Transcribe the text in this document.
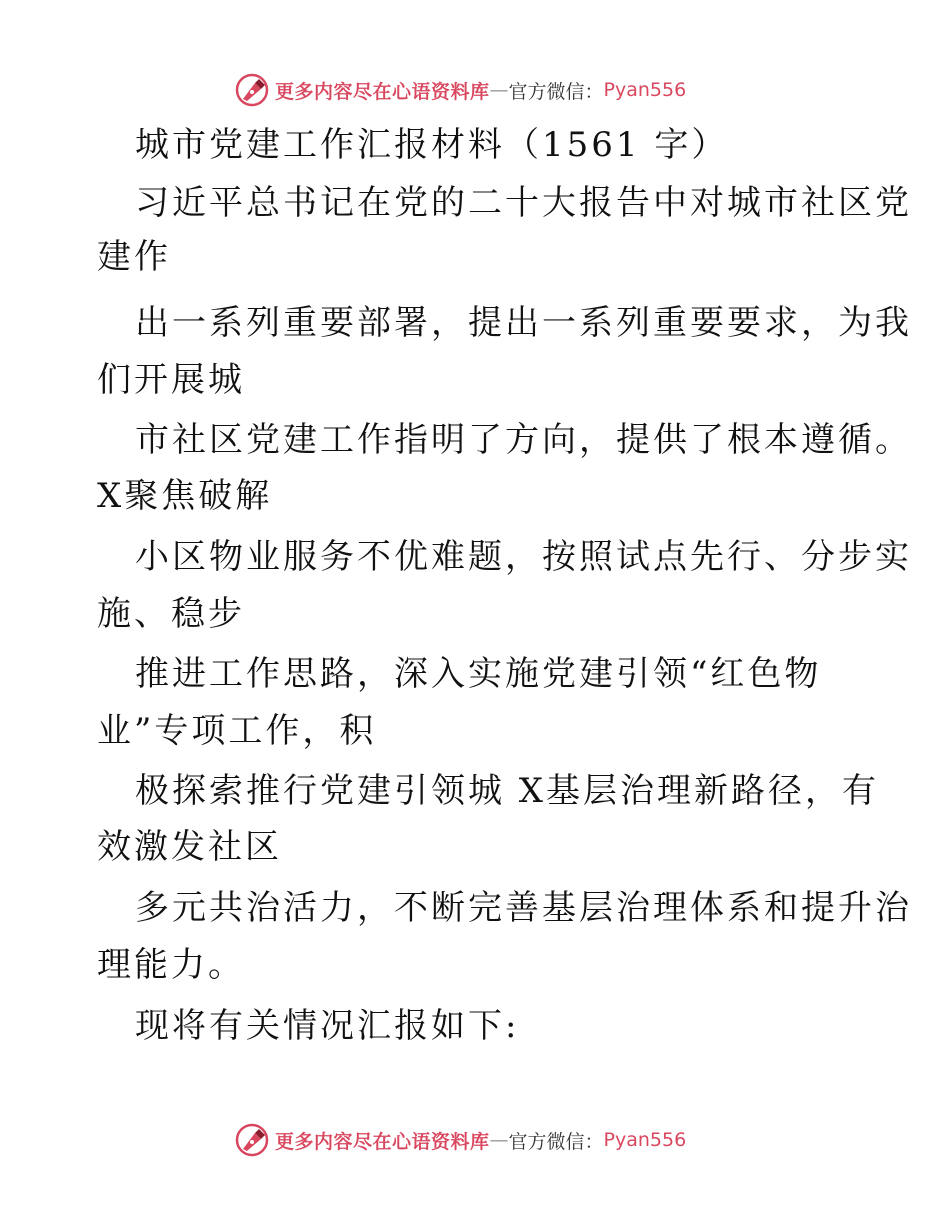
更多内容尽在心语资料库 — 官方微信： Pyan556
城市党建工作汇报材料（1561 字）
习近平总书记在党的二十大报告中对城市社区党
建作
出一系列重要部署，提出一系列重要要求，为我
们开展城
市社区党建工作指明了方向，提供了根本遵循。
X聚焦破解
小区物业服务不优难题，按照试点先行、分步实
施、稳步
推进工作思路，深入实施党建引领“红色物
业”专项工作，积
极探索推行党建引领城 X基层治理新路径，有
效激发社区
多元共治活力，不断完善基层治理体系和提升治
理能力。
现将有关情况汇报如下:
更多内容尽在心语资料库 — 官方微信： Pyan556
